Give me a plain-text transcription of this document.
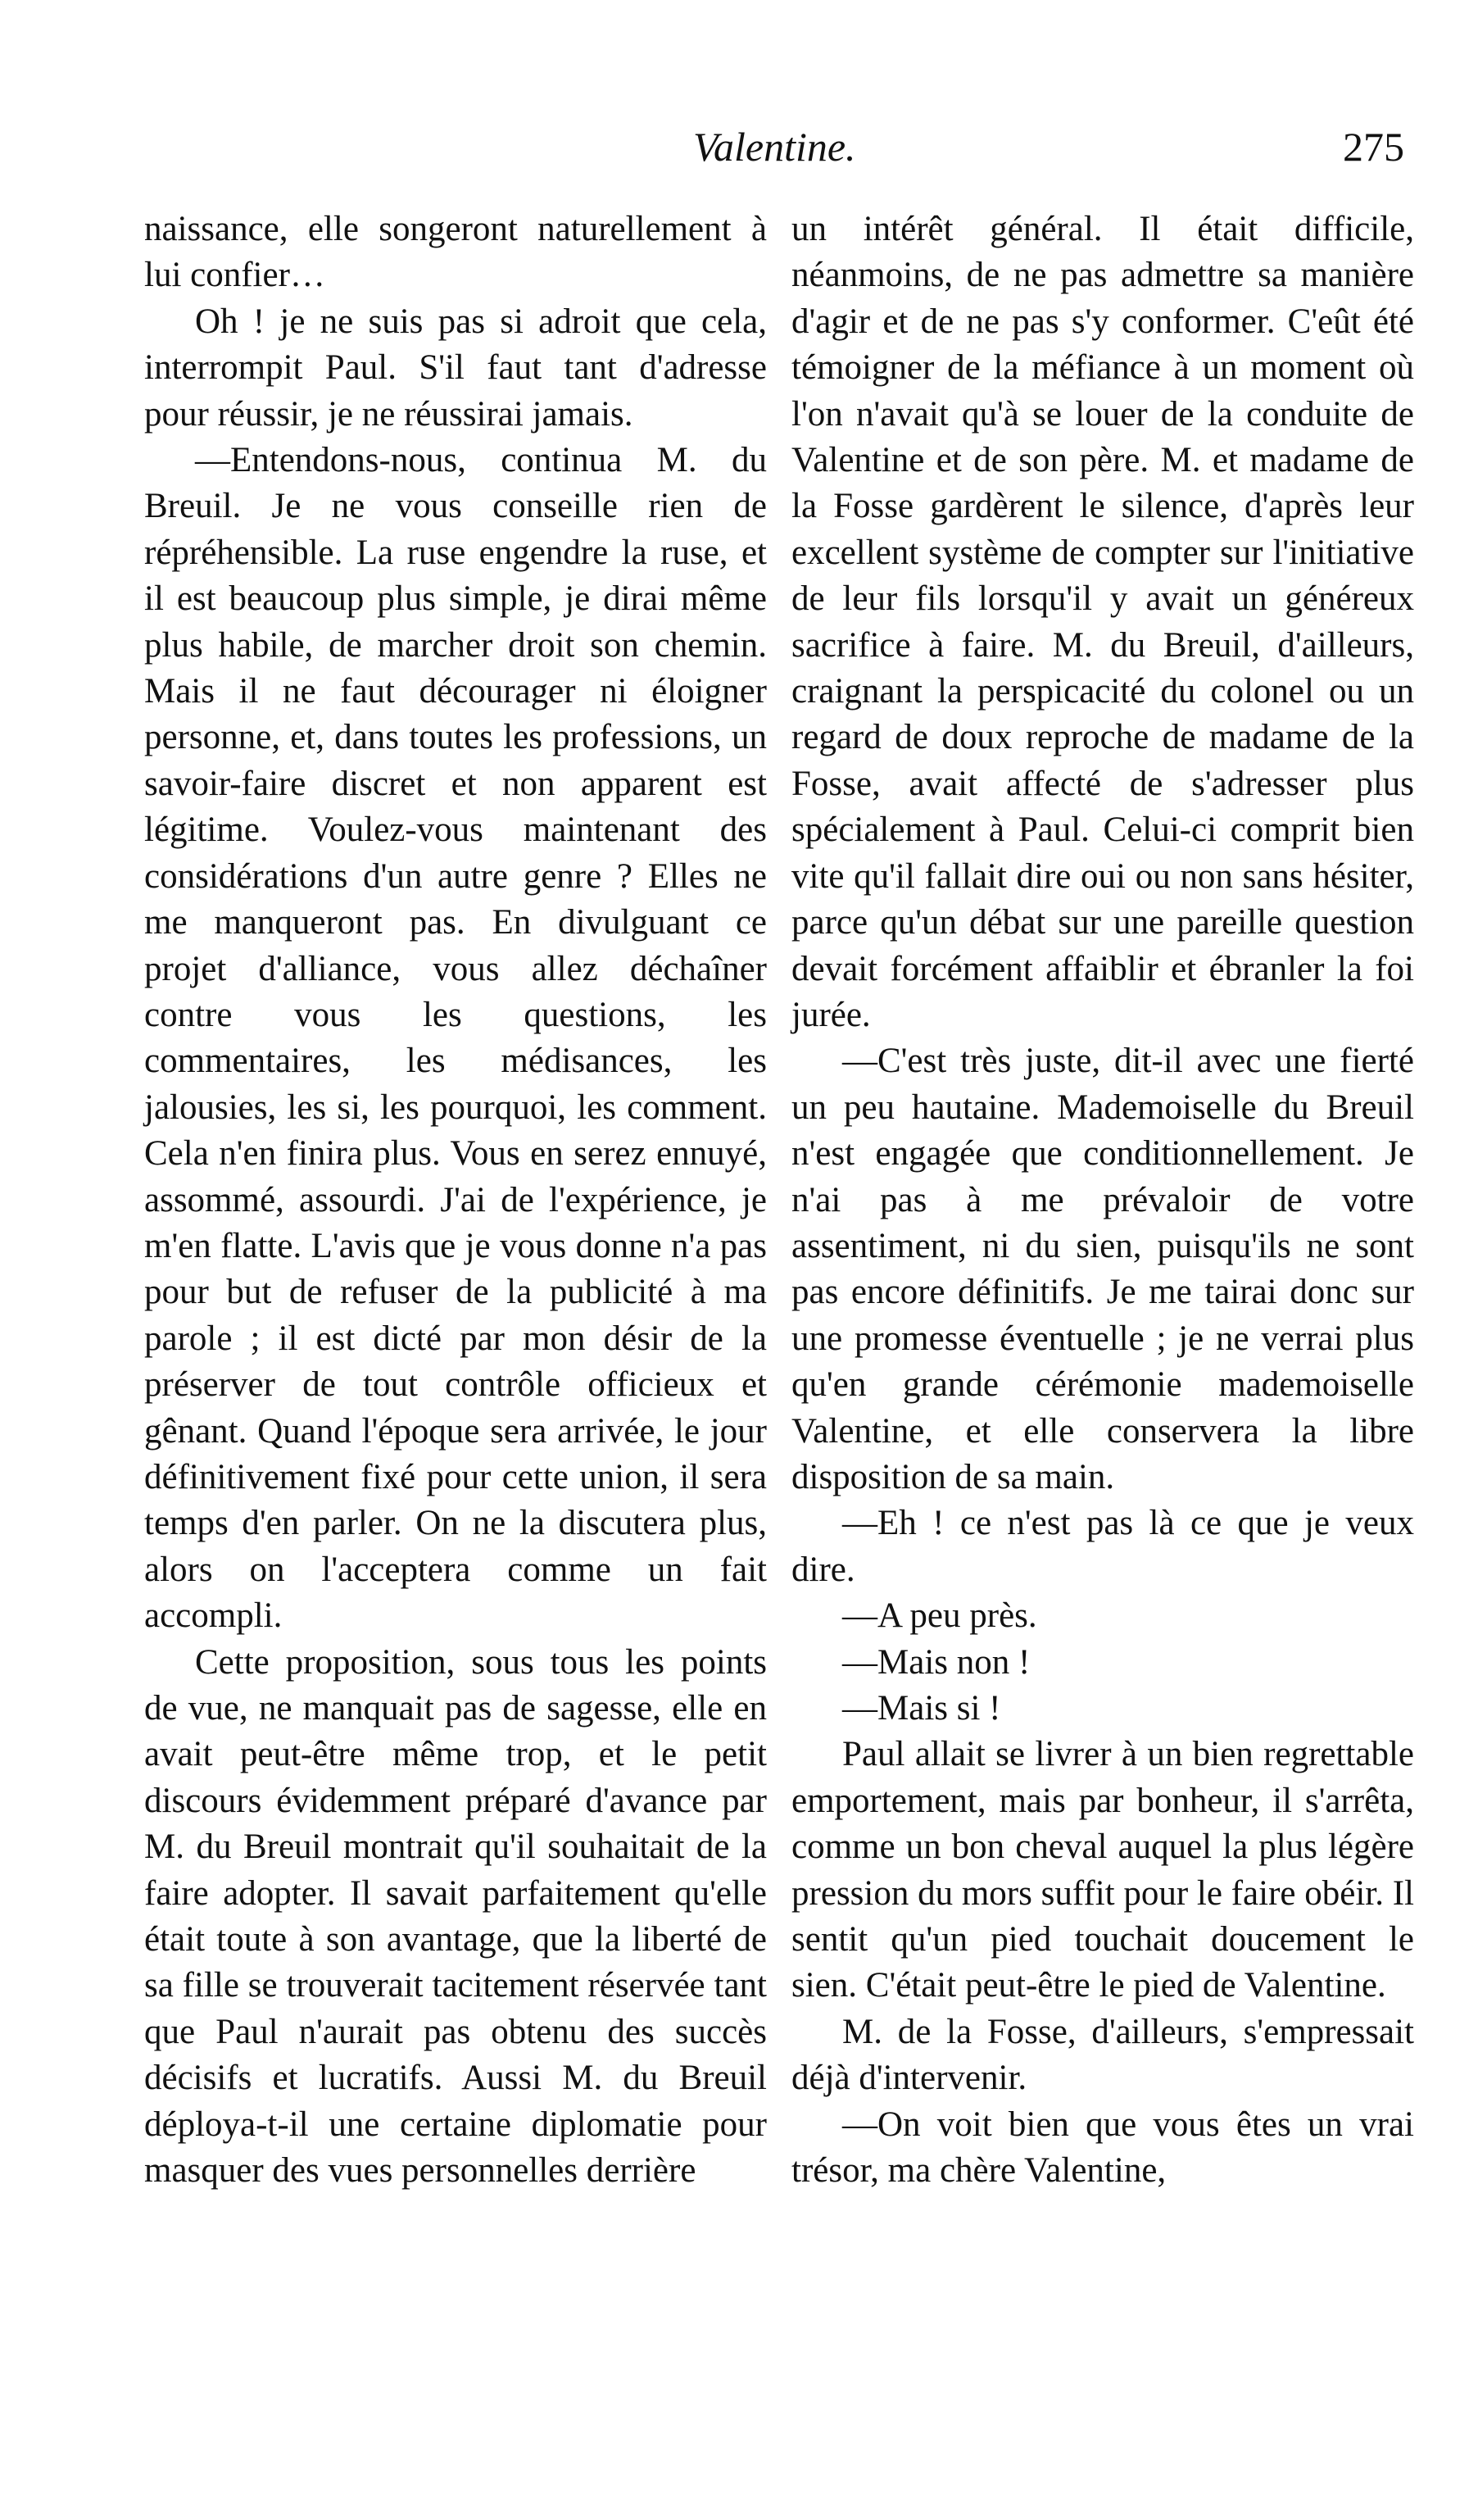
Valentine.	275

naissance, elle songeront naturellement à lui confier…

Oh ! je ne suis pas si adroit que cela, interrompit Paul. S'il faut tant d'adresse pour réussir, je ne réussirai jamais.

—Entendons-nous, continua M. du Breuil. Je ne vous conseille rien de répréhensible. La ruse engendre la ruse, et il est beaucoup plus simple, je dirai même plus habile, de marcher droit son chemin. Mais il ne faut décourager ni éloigner personne, et, dans toutes les professions, un savoir-faire discret et non apparent est légitime. Voulez-vous maintenant des considérations d'un autre genre ? Elles ne me manqueront pas. En divulguant ce projet d'alliance, vous allez déchaîner contre vous les questions, les commentaires, les médisances, les jalousies, les si, les pourquoi, les comment. Cela n'en finira plus. Vous en serez ennuyé, assommé, assourdi. J'ai de l'expérience, je m'en flatte. L'avis que je vous donne n'a pas pour but de refuser de la publicité à ma parole ; il est dicté par mon désir de la préserver de tout contrôle officieux et gênant. Quand l'époque sera arrivée, le jour définitivement fixé pour cette union, il sera temps d'en parler. On ne la discutera plus, alors on l'acceptera comme un fait accompli.

Cette proposition, sous tous les points de vue, ne manquait pas de sagesse, elle en avait peut-être même trop, et le petit discours évidemment préparé d'avance par M. du Breuil montrait qu'il souhaitait de la faire adopter. Il savait parfaitement qu'elle était toute à son avantage, que la liberté de sa fille se trouverait tacitement réservée tant que Paul n'aurait pas obtenu des succès décisifs et lucratifs. Aussi M. du Breuil déploya-t-il une certaine diplomatie pour masquer des vues personnelles derrière

un intérêt général. Il était difficile, néanmoins, de ne pas admettre sa manière d'agir et de ne pas s'y conformer. C'eût été témoigner de la méfiance à un moment où l'on n'avait qu'à se louer de la conduite de Valentine et de son père. M. et madame de la Fosse gardèrent le silence, d'après leur excellent système de compter sur l'initiative de leur fils lorsqu'il y avait un généreux sacrifice à faire. M. du Breuil, d'ailleurs, craignant la perspicacité du colonel ou un regard de doux reproche de madame de la Fosse, avait affecté de s'adresser plus spécialement à Paul. Celui-ci comprit bien vite qu'il fallait dire oui ou non sans hésiter, parce qu'un débat sur une pareille question devait forcément affaiblir et ébranler la foi jurée.

—C'est très juste, dit-il avec une fierté un peu hautaine. Mademoiselle du Breuil n'est engagée que conditionnellement. Je n'ai pas à me prévaloir de votre assentiment, ni du sien, puisqu'ils ne sont pas encore définitifs. Je me tairai donc sur une promesse éventuelle ; je ne verrai plus qu'en grande cérémonie mademoiselle Valentine, et elle conservera la libre disposition de sa main.

—Eh ! ce n'est pas là ce que je veux dire.

—A peu près.

—Mais non !

—Mais si !

Paul allait se livrer à un bien regrettable emportement, mais par bonheur, il s'arrêta, comme un bon cheval auquel la plus légère pression du mors suffit pour le faire obéir. Il sentit qu'un pied touchait doucement le sien. C'était peut-être le pied de Valentine.

M. de la Fosse, d'ailleurs, s'empressait déjà d'intervenir.

—On voit bien que vous êtes un vrai trésor, ma chère Valentine,
